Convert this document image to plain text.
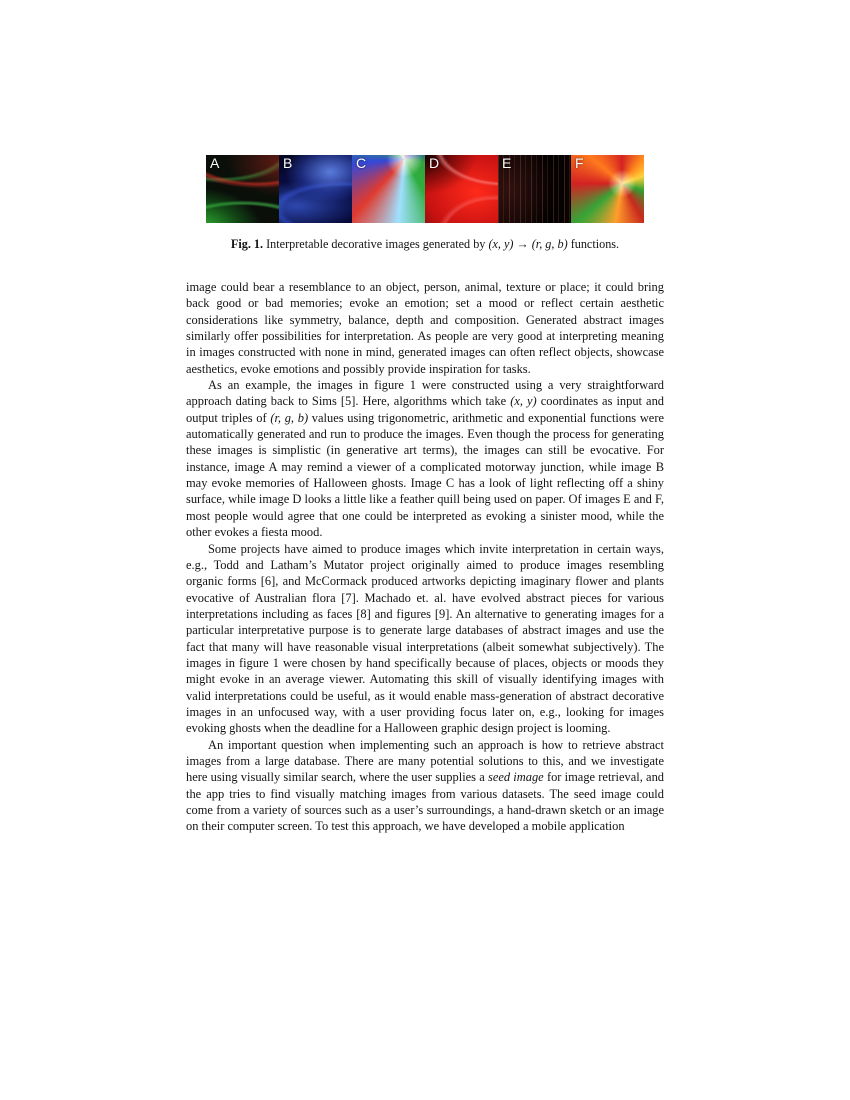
A	B	C	D	E	F
Fig. 1. Interpretable decorative images generated by (x, y) → (r, g, b) functions.

image could bear a resemblance to an object, person, animal, texture or place; it could bring back good or bad memories; evoke an emotion; set a mood or reflect certain aesthetic considerations like symmetry, balance, depth and composition. Generated abstract images similarly offer possibilities for interpretation. As people are very good at interpreting meaning in images constructed with none in mind, generated images can often reflect objects, showcase aesthetics, evoke emotions and possibly provide inspiration for tasks.

As an example, the images in figure 1 were constructed using a very straightforward approach dating back to Sims [5]. Here, algorithms which take (x, y) coordinates as input and output triples of (r, g, b) values using trigonometric, arithmetic and exponential functions were automatically generated and run to produce the images. Even though the process for generating these images is simplistic (in generative art terms), the images can still be evocative. For instance, image A may remind a viewer of a complicated motorway junction, while image B may evoke memories of Halloween ghosts. Image C has a look of light reflecting off a shiny surface, while image D looks a little like a feather quill being used on paper. Of images E and F, most people would agree that one could be interpreted as evoking a sinister mood, while the other evokes a fiesta mood.

Some projects have aimed to produce images which invite interpretation in certain ways, e.g., Todd and Latham’s Mutator project originally aimed to produce images resembling organic forms [6], and McCormack produced artworks depicting imaginary flower and plants evocative of Australian flora [7]. Machado et. al. have evolved abstract pieces for various interpretations including as faces [8] and figures [9]. An alternative to generating images for a particular interpretative purpose is to generate large databases of abstract images and use the fact that many will have reasonable visual interpretations (albeit somewhat subjectively). The images in figure 1 were chosen by hand specifically because of places, objects or moods they might evoke in an average viewer. Automating this skill of visually identifying images with valid interpretations could be useful, as it would enable mass-generation of abstract decorative images in an unfocused way, with a user providing focus later on, e.g., looking for images evoking ghosts when the deadline for a Halloween graphic design project is looming.

An important question when implementing such an approach is how to retrieve abstract images from a large database. There are many potential solutions to this, and we investigate here using visually similar search, where the user supplies a seed image for image retrieval, and the app tries to find visually matching images from various datasets. The seed image could come from a variety of sources such as a user’s surroundings, a hand-drawn sketch or an image on their computer screen. To test this approach, we have developed a mobile application
